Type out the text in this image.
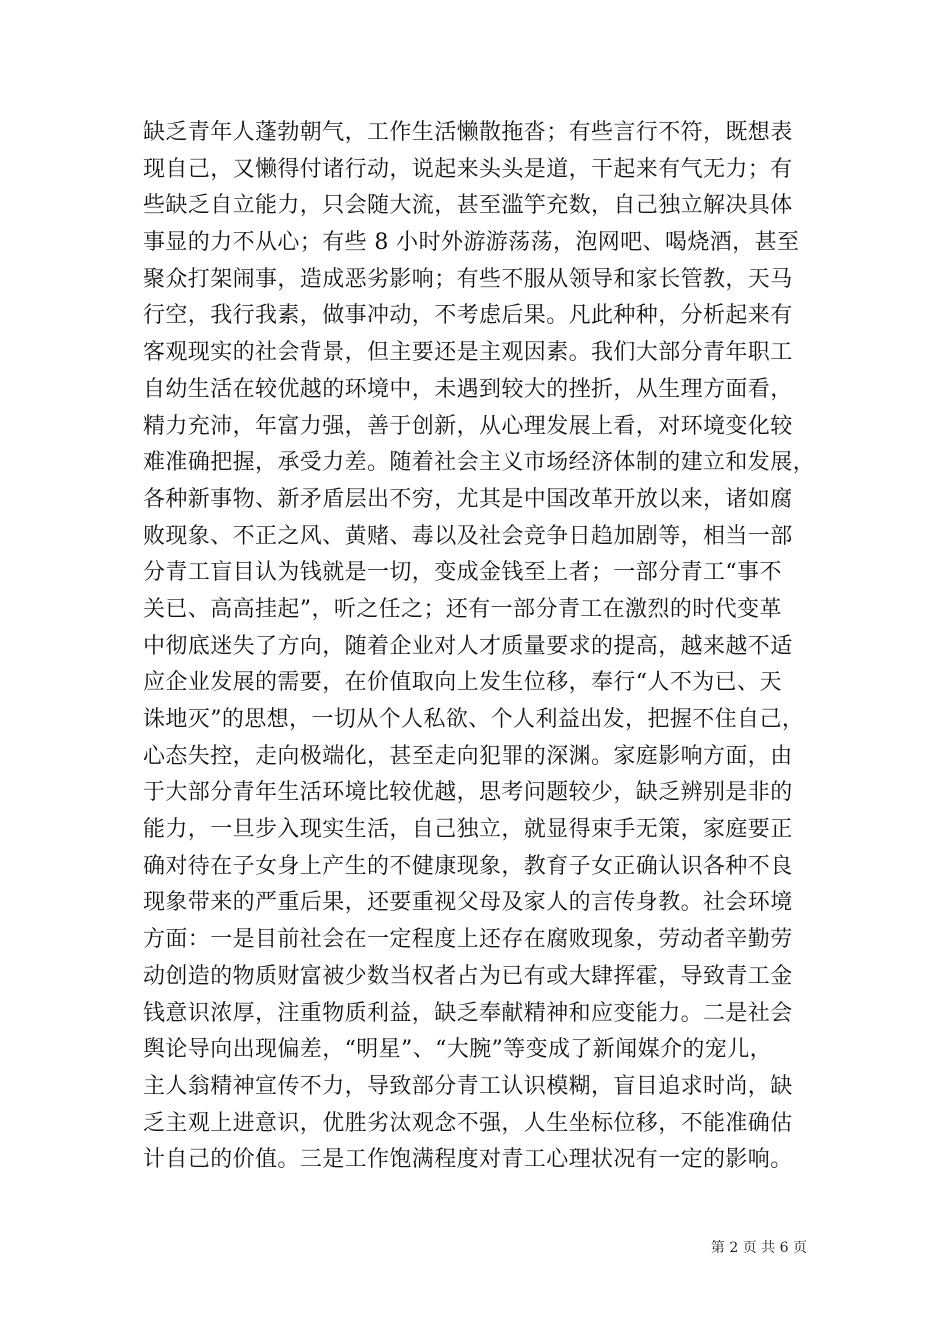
缺乏青年人蓬勃朝气，工作生活懒散拖沓；有些言行不符，既想表
现自己，又懒得付诸行动，说起来头头是道，干起来有气无力；有
些缺乏自立能力，只会随大流，甚至滥竽充数，自己独立解决具体
事显的力不从心；有些 8 小时外游游荡荡，泡网吧、喝烧酒，甚至
聚众打架闹事，造成恶劣影响；有些不服从领导和家长管教，天马
行空，我行我素，做事冲动，不考虑后果。凡此种种，分析起来有
客观现实的社会背景，但主要还是主观因素。我们大部分青年职工
自幼生活在较优越的环境中，未遇到较大的挫折，从生理方面看，
精力充沛，年富力强，善于创新，从心理发展上看，对环境变化较
难准确把握，承受力差。随着社会主义市场经济体制的建立和发展，
各种新事物、新矛盾层出不穷，尤其是中国改革开放以来，诸如腐
败现象、不正之风、黄赌、毒以及社会竞争日趋加剧等，相当一部
分青工盲目认为钱就是一切，变成金钱至上者；一部分青工“事不
关已、高高挂起”，听之任之；还有一部分青工在激烈的时代变革
中彻底迷失了方向，随着企业对人才质量要求的提高，越来越不适
应企业发展的需要，在价值取向上发生位移，奉行“人不为已、天
诛地灭”的思想，一切从个人私欲、个人利益出发，把握不住自己，
心态失控，走向极端化，甚至走向犯罪的深渊。家庭影响方面，由
于大部分青年生活环境比较优越，思考问题较少，缺乏辨别是非的
能力，一旦步入现实生活，自己独立，就显得束手无策，家庭要正
确对待在子女身上产生的不健康现象，教育子女正确认识各种不良
现象带来的严重后果，还要重视父母及家人的言传身教。社会环境
方面：一是目前社会在一定程度上还存在腐败现象，劳动者辛勤劳
动创造的物质财富被少数当权者占为已有或大肆挥霍，导致青工金
钱意识浓厚，注重物质利益，缺乏奉献精神和应变能力。二是社会
舆论导向出现偏差，“明星”、“大腕”等变成了新闻媒介的宠儿，
主人翁精神宣传不力，导致部分青工认识模糊，盲目追求时尚，缺
乏主观上进意识，优胜劣汰观念不强，人生坐标位移，不能准确估
计自己的价值。三是工作饱满程度对青工心理状况有一定的影响。
第 2 页 共 6 页
